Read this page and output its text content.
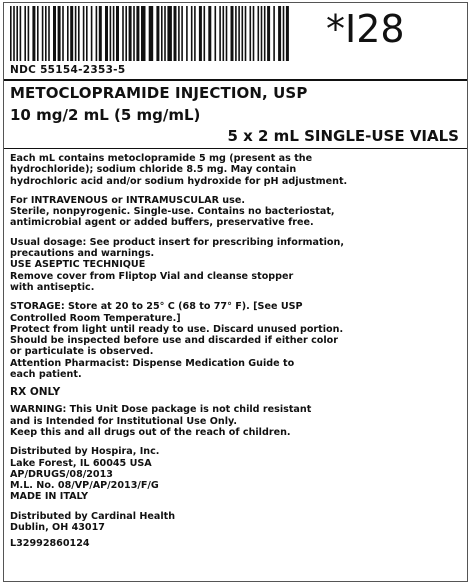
*I28
NDC 55154-2353-5
METOCLOPRAMIDE INJECTION, USP
10 mg/2 mL (5 mg/mL)
5 x 2 mL SINGLE-USE VIALS

Each mL contains metoclopramide 5 mg (present as the

hydrochloride); sodium chloride 8.5 mg. May contain

hydrochloric acid and/or sodium hydroxide for pH adjustment.

For INTRAVENOUS or INTRAMUSCULAR use.

Sterile, nonpyrogenic. Single-use. Contains no bacteriostat,

antimicrobial agent or added buffers, preservative free.

Usual dosage: See product insert for prescribing information,

precautions and warnings.

USE ASEPTIC TECHNIQUE

Remove cover from Fliptop Vial and cleanse stopper

with antiseptic.

STORAGE: Store at 20 to 25° C (68 to 77° F). [See USP

Controlled Room Temperature.]

Protect from light until ready to use. Discard unused portion.

Should be inspected before use and discarded if either color

or particulate is observed.

Attention Pharmacist: Dispense Medication Guide to

each patient.

RX ONLY

WARNING: This Unit Dose package is not child resistant

and is Intended for Institutional Use Only.

Keep this and all drugs out of the reach of children.

Distributed by Hospira, Inc.

Lake Forest, IL 60045 USA

AP/DRUGS/08/2013

M.L. No. 08/VP/AP/2013/F/G

MADE IN ITALY

Distributed by Cardinal Health

Dublin, OH 43017

L32992860124
